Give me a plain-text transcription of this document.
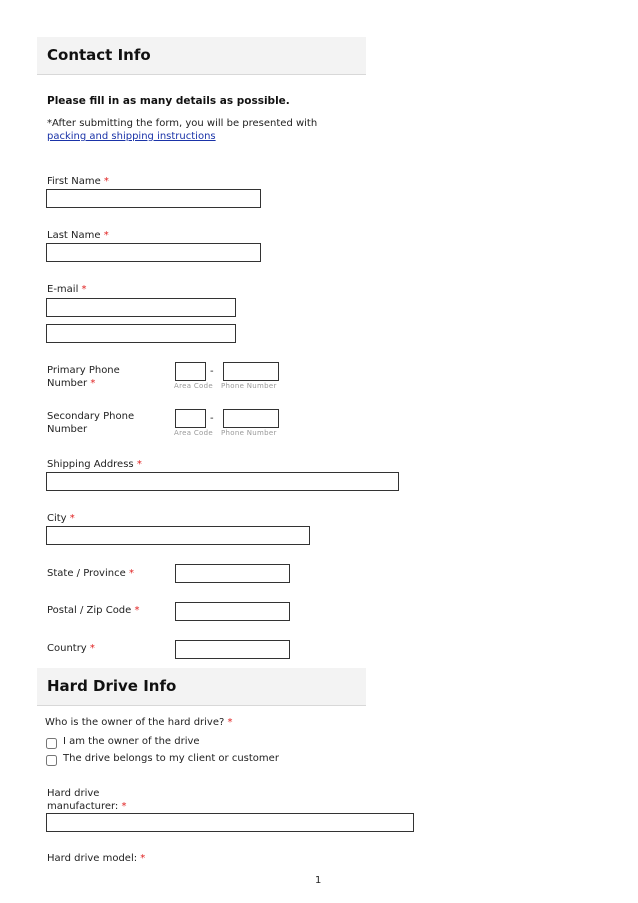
Contact Info
Please fill in as many details as possible.
*After submitting the form, you will be presented with
packing and shipping instructions
First Name *
Last Name *
E-mail *
Primary Phone
Number *
-
Area Code Phone Number
Secondary Phone
Number
-
Area Code Phone Number
Shipping Address *
City *
State / Province *
Postal / Zip Code *
Country *
Hard Drive Info
Who is the owner of the hard drive? *
I am the owner of the drive
The drive belongs to my client or customer
Hard drive
manufacturer: *
Hard drive model: *
1
